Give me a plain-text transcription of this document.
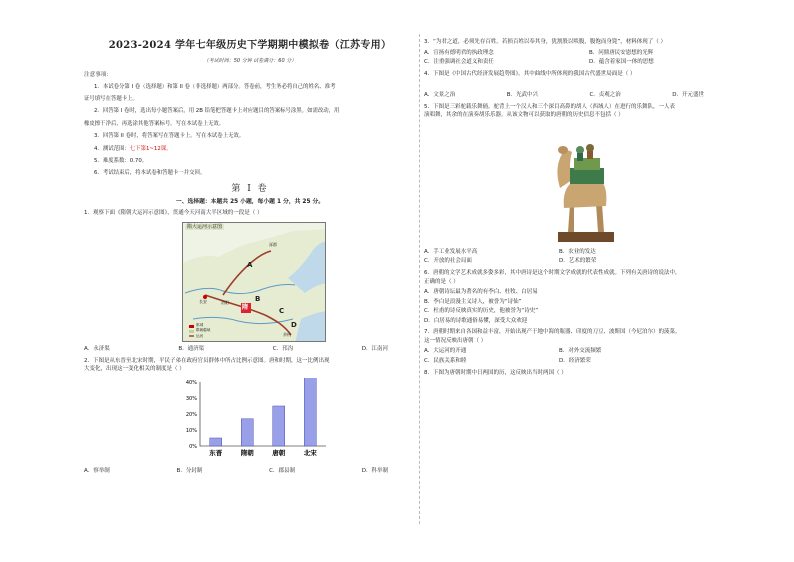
2023-2024 学年七年级历史下学期期中模拟卷（江苏专用）
（考试时间：50 分钟 试卷满分：60 分）
注意事项：

1．本试卷分第 I 卷（选择题）和第 II 卷（非选择题）两部分。答卷前，考生务必将自己的姓名、准考

证号填写在答题卡上。

2．回答第 I 卷时，选出每小题答案后，用 2B 铅笔把答题卡上对应题目的答案标号涂黑。如需改动，用

橡皮擦干净后，再选涂其他答案标号。写在本试卷上无效。

3．回答第 II 卷时，将答案写在答题卡上。写在本试卷上无效。

4．测试范围：七下第1~12课。

5．难度系数：0.70。

6．考试结束后，将本试卷和答题卡一并交回。

第 I 卷
一、选择题：本题共 25 小题，每小题 1 分，共 25 分。
1．观察下面《隋朝大运河示意图》，贯通今天河南大半区域的一段是（ ）
隋大运河示意图
A
B
C
D
隋
长安	洛阳
涿郡
余杭
都城
隋朝疆域
运河
A．永济渠	B．通济渠	C．邗沟	D．江南河
2．下图是从东晋至北宋时期，平民子弟在政府官员群体中所占比例示意图。唐和时期，这一比例出现
大变化，出现这一变化相关的制度是（ ）
0%
10%
20%
30%
40%
东晋	隋朝	唐朝	北宋
A．察举制	B．分封制	C．郡县制	D．科举制
3．“为君之道，必须先存百姓。若损百姓以奉其身，犹割股以啖腹，腹饱而身毙”，材料体现了（ ）
A．宣扬有德明君的执政理念	B．问鼎唐民安恩想的光辉
C．注重强调社会道义和责任	D．蕴含着家国一体的思想
4．下图是《中国古代经济发展趋势图》。其中曲线中所体现的我国古代盛世局面是（ ）
A．文景之治	B．光武中兴	C．贞观之治	D．开元盛世
5．下图是三彩驼载乐舞俑。驼背上一个汉人和三个深目高鼻的胡人（西域人）在进行的乐舞队，一人表
演唱舞，其余的在演奏胡乐乐器。从该文物可以获取的唐朝的历史信息不包括（ ）
A．手工业发展水平高	B．农业的发达
C．开放的社会局面	D．艺术的繁荣
6．唐朝的文学艺术成就多姿多彩，其中唐诗是这个时期文学成就的代表性成就。下列有关唐诗的说法中，
正确的是（ ）
A．唐朝诗坛最为著名的有李白、杜牧、白居易
B．李白是浪漫主义诗人，被誉为“诗仙”
C．杜甫的诗反映真实的历史，他被誉为“诗史”
D．白居易的诗歌通俗易懂，深受大众欢迎
7．唐朝时期来自各国和益丰富，开始出现产于地中海的瓶器、印度的刀豆、波斯国（今尼泊尔）的菠菜。
这一情况反映出唐朝（ ）
A．大运河的开通	B．对外交流频繁
C．民族关系和睦	D．经济繁荣
8．下图为唐朝时期中日两国的历，这反映出当时两国（ ）
